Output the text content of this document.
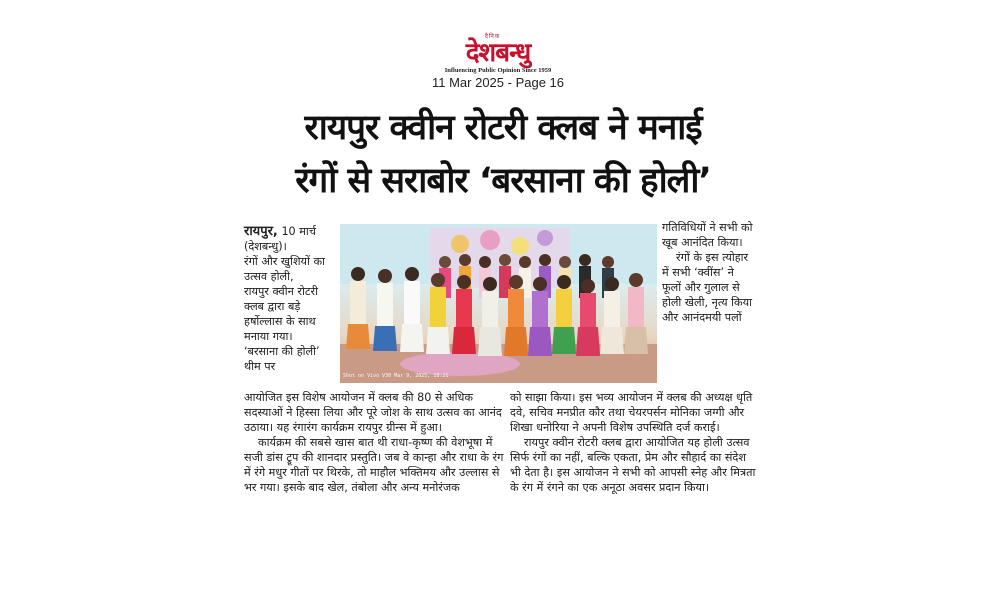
दैनिक
देशबन्धु
Influencing Public Opinion Since 1959
11 Mar 2025 - Page 16
रायपुर क्वीन रोटरी क्लब ने मनाई
रंगों से सराबोर ‘बरसाना की होली’

रायपुर, 10 मार्च (देशबन्धु)।

रंगों और खुशियों का उत्सव होली,

रायपुर क्वीन रोटरी क्लब द्वारा बड़े हर्षोल्लास के साथ मनाया गया।

‘बरसाना की होली’ थीम पर

Shot on Vivo V30 Mar 9, 2025, 18:21

गतिविधियों ने सभी को खूब आनंदित किया।

रंगों के इस त्योहार में सभी ‘क्वींस’ ने फूलों और गुलाल से होली खेली, नृत्य किया और आनंदमयी पलों

आयोजित इस विशेष आयोजन में क्लब की 80 से अधिक सदस्याओं ने हिस्सा लिया और पूरे जोश के साथ उत्सव का आनंद उठाया। यह रंगारंग कार्यक्रम रायपुर ग्रीन्स में हुआ।

कार्यक्रम की सबसे खास बात थी राधा-कृष्ण की वेशभूषा में सजी डांस ट्रूप की शानदार प्रस्तुति। जब वे कान्हा और राधा के रंग में रंगे मधुर गीतों पर थिरके, तो माहौल भक्तिमय और उल्लास से भर गया। इसके बाद खेल, तंबोला और अन्य मनोरंजक

को साझा किया। इस भव्य आयोजन में क्लब की अध्यक्ष धृति दवे, सचिव मनप्रीत कौर तथा चेयरपर्सन मोनिका जग्गी और शिखा धनोरिया ने अपनी विशेष उपस्थिति दर्ज कराई।

रायपुर क्वीन रोटरी क्लब द्वारा आयोजित यह होली उत्सव सिर्फ रंगों का नहीं, बल्कि एकता, प्रेम और सौहार्द का संदेश भी देता है। इस आयोजन ने सभी को आपसी स्नेह और मित्रता के रंग में रंगने का एक अनूठा अवसर प्रदान किया।
